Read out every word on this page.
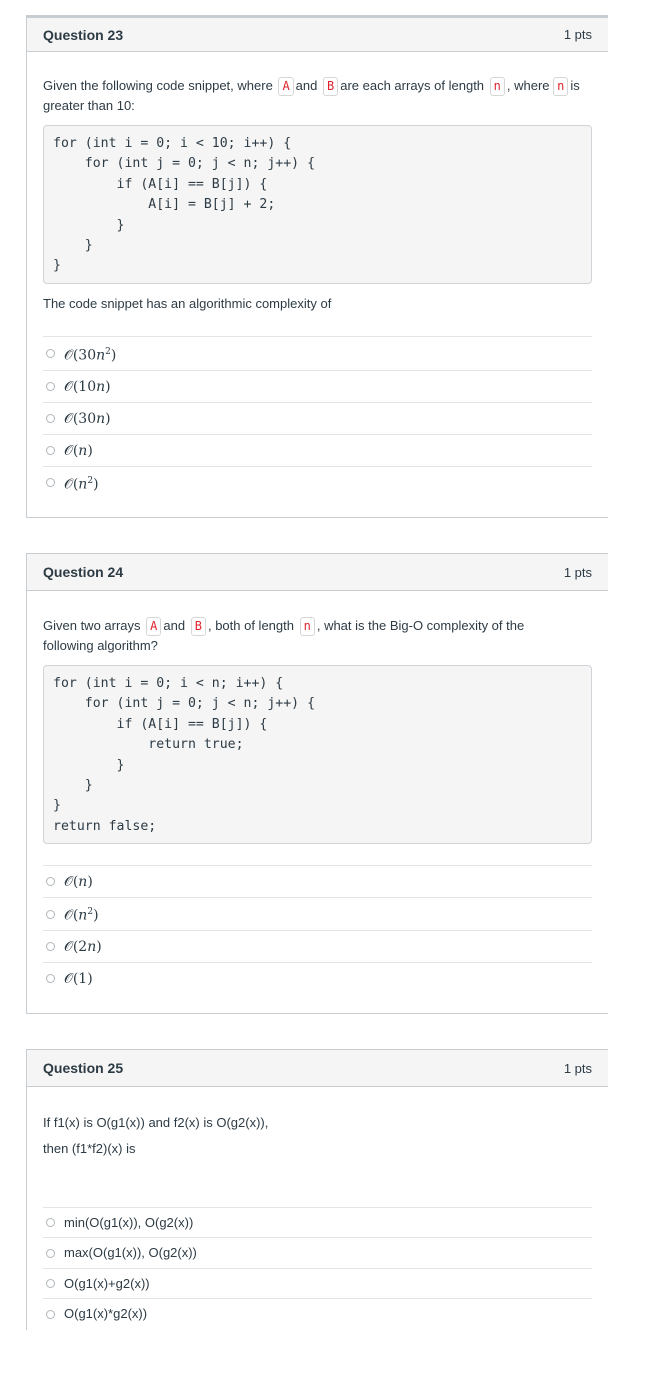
Question 23	1 pts

Given the following code snippet, where A and B are each arrays of length n , where n is greater than 10:

for (int i = 0; i < 10; i++) {
for (int j = 0; j < n; j++) {
if (A[i] == B[j]) {
A[i] = B[j] + 2;
}
}
}

The code snippet has an algorithmic complexity of

$𝒪(30n^2)$
𝒪(10n)
𝒪(30n)
𝒪(n)
$𝒪(n^2)$
Question 24	1 pts

Given two arrays A and B , both of length n , what is the Big-O complexity of the following algorithm?

for (int i = 0; i < n; i++) {
for (int j = 0; j < n; j++) {
if (A[i] == B[j]) {
return true;
}
}
}
return false;
𝒪(n)
$𝒪(n^2)$
𝒪(2n)
𝒪(1)
Question 25	1 pts

If f1(x) is O(g1(x)) and f2(x) is O(g2(x)),

then (f1*f2)(x) is

min(O(g1(x)), O(g2(x))
max(O(g1(x)), O(g2(x))
O(g1(x)+g2(x))
O(g1(x)*g2(x))
